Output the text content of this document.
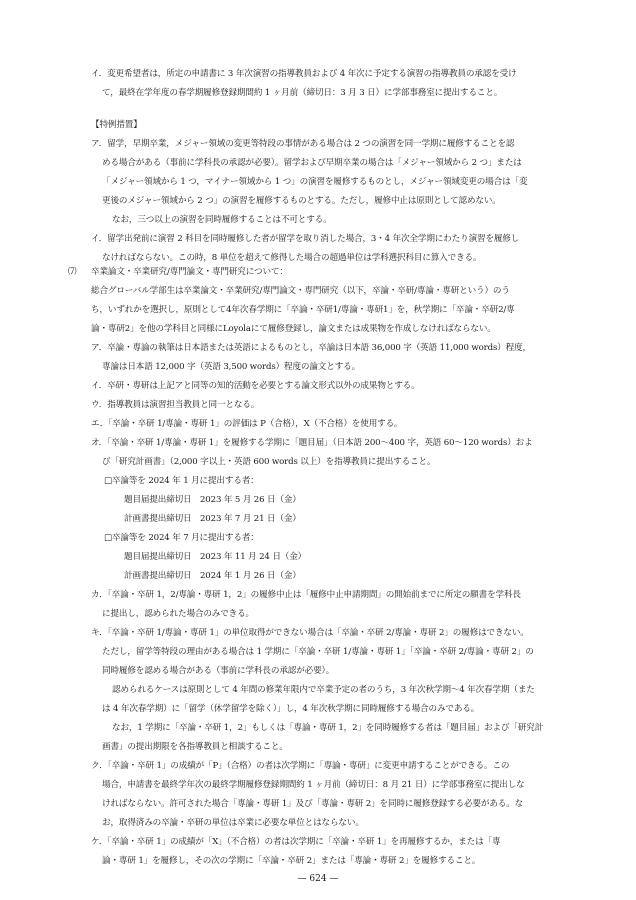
イ．変更希望者は，所定の申請書に 3 年次演習の指導教員および 4 年次に予定する演習の指導教員の承認を受け
て，最終在学年度の春学期履修登録期間約 1 ヶ月前（締切日：3 月 3 日）に学部事務室に提出すること。
【特例措置】
ア．留学，早期卒業，メジャー領域の変更等特段の事情がある場合は 2 つの演習を同一学期に履修することを認
める場合がある（事前に学科長の承認が必要）。留学および早期卒業の場合は「メジャー領域から 2 つ」または
「メジャー領域から 1 つ，マイナー領域から 1 つ」の演習を履修するものとし，メジャー領域変更の場合は「変
更後のメジャー領域から 2 つ」の演習を履修するものとする。ただし，履修中止は原則として認めない。
なお，三つ以上の演習を同時履修することは不可とする。
イ．留学出発前に演習 2 科目を同時履修した者が留学を取り消した場合，3・4 年次全学期にわたり演習を履修し
なければならない。この時，8 単位を超えて修得した場合の超過単位は学科選択科目に算入できる。
⑺ 卒業論文・卒業研究/専門論文・専門研究について：
総合グローバル学部生は卒業論文・卒業研究/専門論文・専門研究（以下，卒論・卒研/専論・専研という）のう
ち，いずれかを選択し，原則として4年次春学期に「卒論・卒研1/専論・専研1」を，秋学期に「卒論・卒研2/専
論・専研2」を他の学科目と同様にLoyolaにて履修登録し，論文または成果物を作成しなければならない。
ア．卒論・専論の執筆は日本語または英語によるものとし，卒論は日本語 36,000 字（英語 11,000 words）程度，
専論は日本語 12,000 字（英語 3,500 words）程度の論文とする。
イ．卒研・専研は上記アと同等の知的活動を必要とする論文形式以外の成果物とする。
ウ．指導教員は演習担当教員と同一となる。
エ．「卒論・卒研 1/専論・専研 1」の評価は P（合格），X（不合格）を使用する。
オ．「卒論・卒研 1/専論・専研 1」を履修する学期に「題目届」（日本語 200～400 字，英語 60～120 words）およ
び「研究計画書」（2,000 字以上・英語 600 words 以上）を指導教員に提出すること。
□卒論等を 2024 年 1 月に提出する者：
題目届提出締切日　2023 年 5 月 26 日（金）
計画書提出締切日　2023 年 7 月 21 日（金）
□卒論等を 2024 年 7 月に提出する者：
題目届提出締切日　2023 年 11 月 24 日（金）
計画書提出締切日　2024 年 1 月 26 日（金）
カ．「卒論・卒研 1，2/専論・専研 1，2」の履修中止は「履修中止申請期間」の開始前までに所定の願書を学科長
に提出し，認められた場合のみできる。
キ．「卒論・卒研 1/専論・専研 1」の単位取得ができない場合は「卒論・卒研 2/専論・専研 2」の履修はできない。
ただし，留学等特段の理由がある場合は 1 学期に「卒論・卒研 1/専論・専研 1」「卒論・卒研 2/専論・専研 2」の
同時履修を認める場合がある（事前に学科長の承認が必要）。
認められるケースは原則として 4 年間の修業年限内で卒業予定の者のうち，3 年次秋学期～4 年次春学期（また
は 4 年次春学期）に「留学（休学留学を除く）」し，4 年次秋学期に同時履修する場合のみである。
なお，1 学期に「卒論・卒研 1，2」もしくは「専論・専研 1，2」を同時履修する者は「題目届」および「研究計
画書」の提出期限を各指導教員と相談すること。
ク．「卒論・卒研 1」の成績が「P」（合格）の者は次学期に「専論・専研」に変更申請することができる。この
場合，申請書を最終学年次の最終学期履修登録期間約 1 ヶ月前（締切日：8 月 21 日）に学部事務室に提出しな
ければならない。許可された場合「専論・専研 1」及び「専論・専研 2」を同時に履修登録する必要がある。な
お，取得済みの卒論・卒研の単位は卒業に必要な単位とはならない。
ケ．「卒論・卒研 1」の成績が「X」（不合格）の者は次学期に「卒論・卒研 1」を再履修するか，または「専
論・専研 1」を履修し，その次の学期に「卒論・卒研 2」または「専論・専研 2」を履修すること。
— 624 —
